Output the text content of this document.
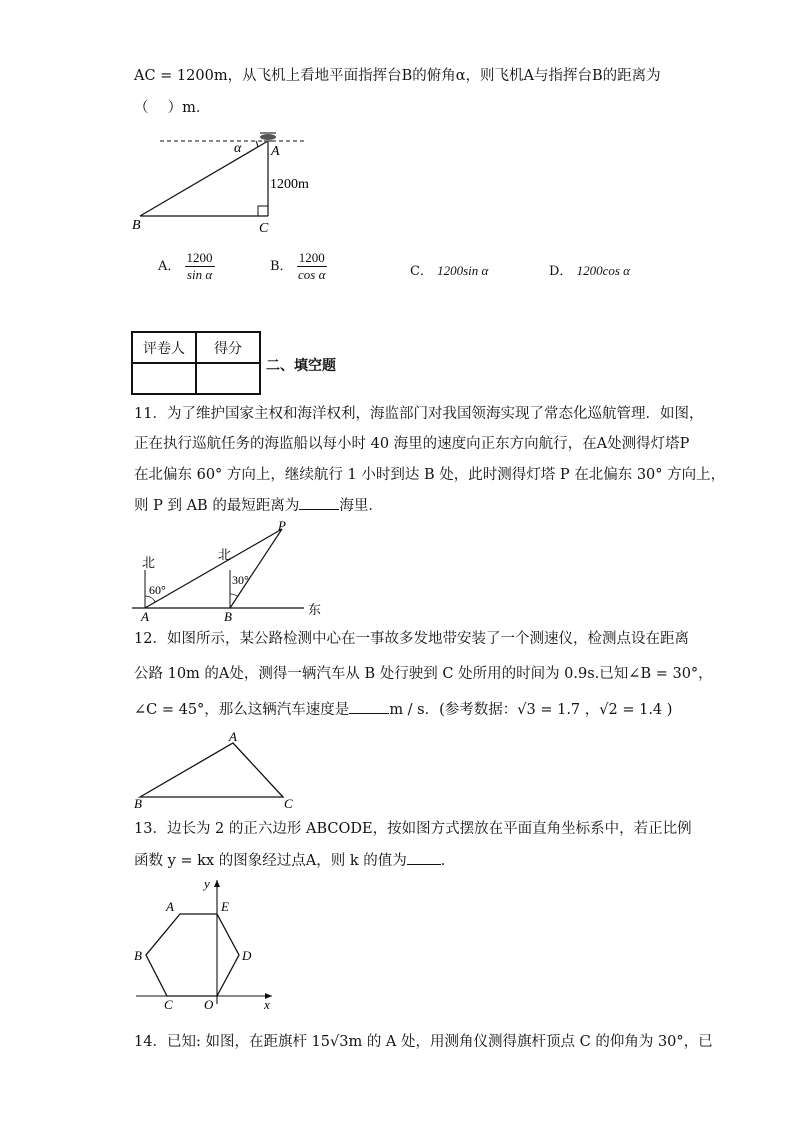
AC = 1200m，从飞机上看地平面指挥台B的俯角α，则飞机A与指挥台B的距离为
（　 ）m．
α A
B	C
1200m
A． $\frac{1200}{\text{sin α}}$	B． $\frac{1200}{\text{cos α}}$	C． 1200sin α	D． 1200cos α
评卷人	得分

二、填空题
11．为了维护国家主权和海洋权利，海监部门对我国领海实现了常态化巡航管理．如图，
正在执行巡航任务的海监船以每小时 40 海里的速度向正东方向航行，在A处测得灯塔P
在北偏东 60° 方向上，继续航行 1 小时到达 B 处，此时测得灯塔 P 在北偏东 30° 方向上，
则 P 到 AB 的最短距离为	海里．
北
北
60°
30°
A	B
P
东
12．如图所示，某公路检测中心在一事故多发地带安装了一个测速仪，检测点设在距离
公路 10m 的A处，测得一辆汽车从 B 处行驶到 C 处所用的时间为 0.9s.已知∠B = 30°，
∠C = 45°，那么这辆汽车速度是	m / s．(参考数据：√3 = 1.7 ，√2 = 1.4 )
A
B	C
13．边长为 2 的正六边形 ABCODE，按如图方式摆放在平面直角坐标系中，若正比例
函数 y = kx 的图象经过点A，则 k 的值为 ．
A
B
C
D
E
O	x
y
14．已知: 如图，在距旗杆 15√3m 的 A 处，用测角仪测得旗杆顶点 C 的仰角为 30°，已
